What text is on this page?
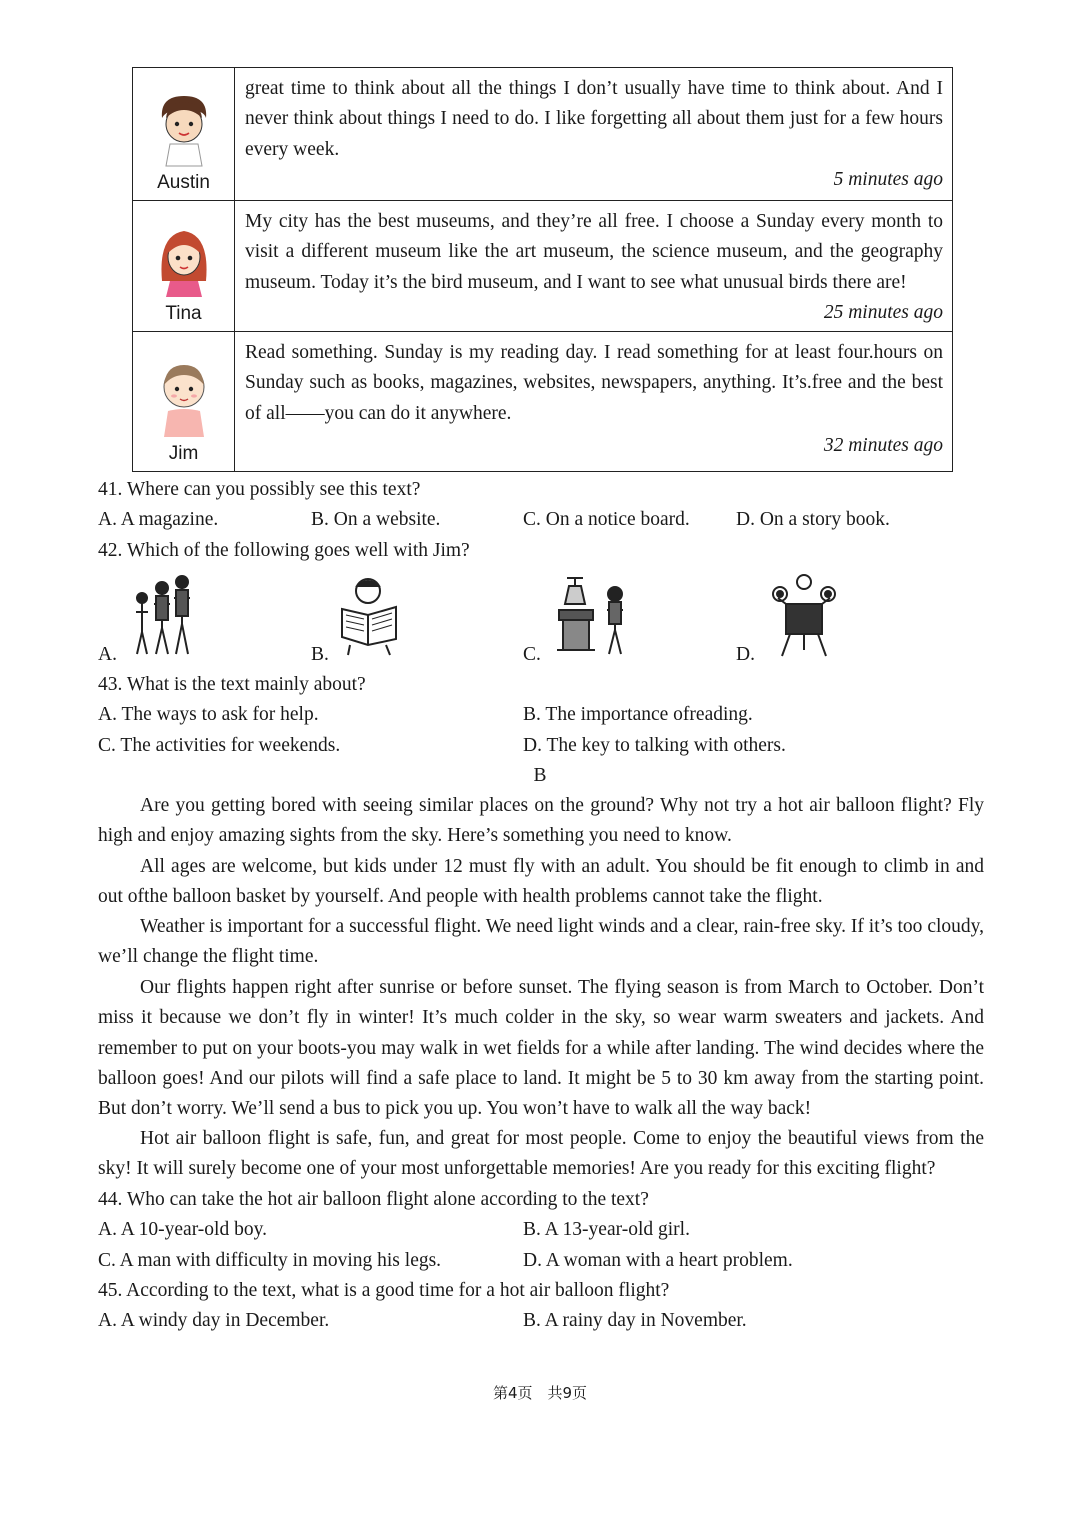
Austin
great time to think about all the things I don’t usually have time to think about. And I never think about things I need to do. I like forgetting all about them just for a few hours every week.
5 minutes ago
Tina
My city has the best museums, and they’re all free. I choose a Sunday every month to visit a different museum like the art museum, the science museum, and the geography museum. Today it’s the bird museum, and I want to see what unusual birds there are!
25 minutes ago
Jim
Read something. Sunday is my reading day. I read something for at least four.hours on Sunday such as books, magazines, websites, newspapers, anything. It’s.free and the best of all——you can do it anywhere.
32 minutes ago
41. Where can you possibly see this text?
A. A magazine.	B. On a website.	C. On a notice board. D. On a story book.
42. Which of the following goes well with Jim?
A.	B.	C.	D.
43. What is the text mainly about?
A. The ways to ask for help.	B. The importance ofreading.
C. The activities for weekends.	D. The key to talking with others.
B
Are you getting bored with seeing similar places on the ground? Why not try a hot air balloon flight? Fly high and enjoy amazing sights from the sky. Here’s something you need to know.
All ages are welcome, but kids under 12 must fly with an adult. You should be fit enough to climb in and out ofthe balloon basket by yourself. And people with health problems cannot take the flight.
Weather is important for a successful flight. We need light winds and a clear, rain-free sky. If it’s too cloudy, we’ll change the flight time.
Our flights happen right after sunrise or before sunset. The flying season is from March to October. Don’t miss it because we don’t fly in winter! It’s much colder in the sky, so wear warm sweaters and jackets. And remember to put on your boots-you may walk in wet fields for a while after landing. The wind decides where the balloon goes! And our pilots will find a safe place to land. It might be 5 to 30 km away from the starting point. But don’t worry. We’ll send a bus to pick you up. You won’t have to walk all the way back!
Hot air balloon flight is safe, fun, and great for most people. Come to enjoy the beautiful views from the sky! It will surely become one of your most unforgettable memories! Are you ready for this exciting flight?
44. Who can take the hot air balloon flight alone according to the text?
A. A 10-year-old boy.	B. A 13-year-old girl.
C. A man with difficulty in moving his legs.	D. A woman with a heart problem.
45. According to the text, what is a good time for a hot air balloon flight?
A. A windy day in December.	B. A rainy day in November.
第4页　共9页
